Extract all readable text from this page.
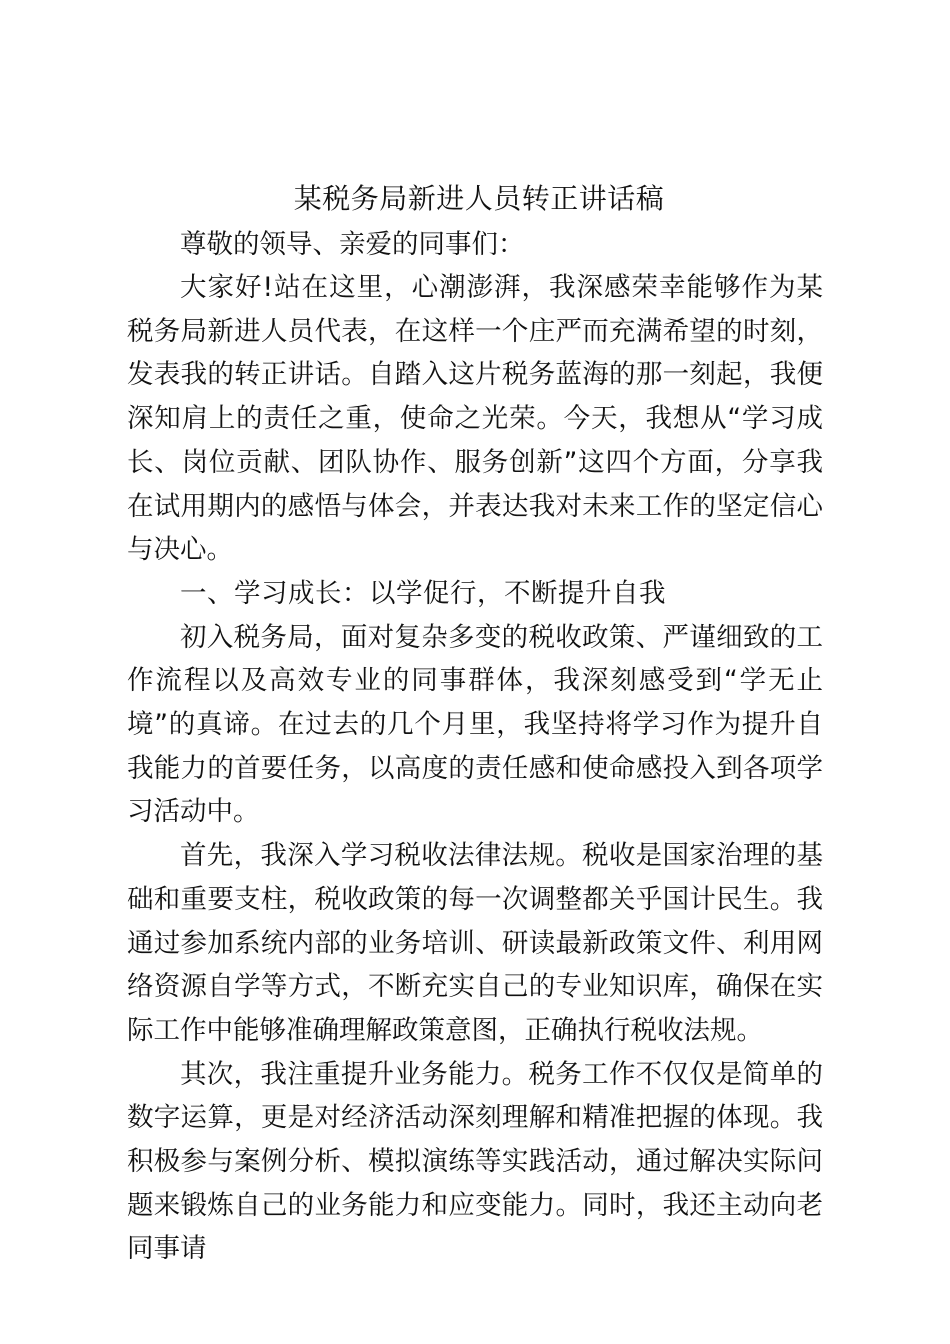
某税务局新进人员转正讲话稿

尊敬的领导、亲爱的同事们：

大家好!站在这里，心潮澎湃，我深感荣幸能够作为某税务局新进人员代表，在这样一个庄严而充满希望的时刻，发表我的转正讲话。自踏入这片税务蓝海的那一刻起，我便深知肩上的责任之重，使命之光荣。今天，我想从“学习成长、岗位贡献、团队协作、服务创新”这四个方面，分享我在试用期内的感悟与体会，并表达我对未来工作的坚定信心与决心。

一、学习成长：以学促行，不断提升自我

初入税务局，面对复杂多变的税收政策、严谨细致的工作流程以及高效专业的同事群体，我深刻感受到“学无止境”的真谛。在过去的几个月里，我坚持将学习作为提升自我能力的首要任务，以高度的责任感和使命感投入到各项学习活动中。

首先，我深入学习税收法律法规。税收是国家治理的基础和重要支柱，税收政策的每一次调整都关乎国计民生。我通过参加系统内部的业务培训、研读最新政策文件、利用网络资源自学等方式，不断充实自己的专业知识库，确保在实际工作中能够准确理解政策意图，正确执行税收法规。

其次，我注重提升业务能力。税务工作不仅仅是简单的数字运算，更是对经济活动深刻理解和精准把握的体现。我积极参与案例分析、模拟演练等实践活动，通过解决实际问题来锻炼自己的业务能力和应变能力。同时，我还主动向老同事请
